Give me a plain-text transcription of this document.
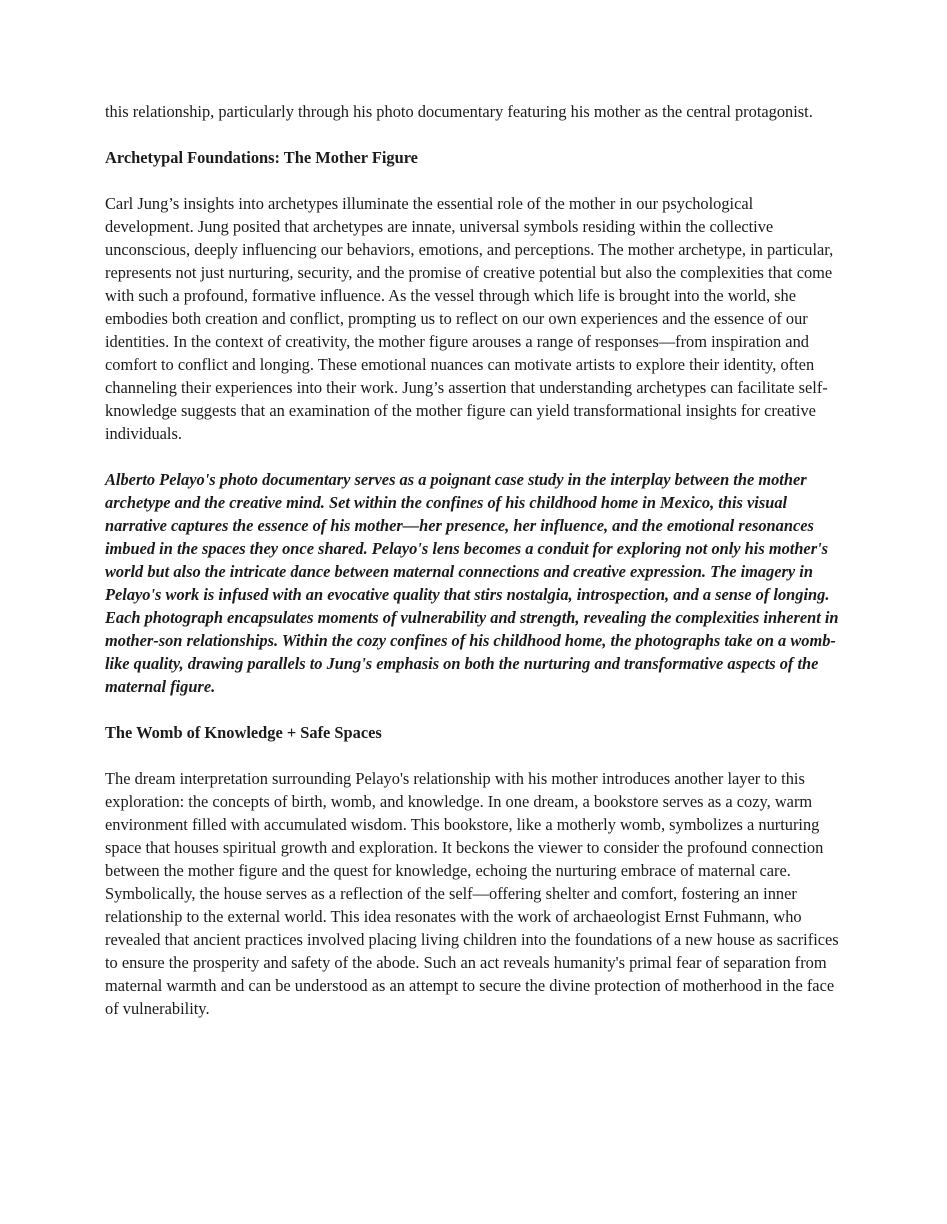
this relationship, particularly through his photo documentary featuring his mother as the central protagonist.

Archetypal Foundations: The Mother Figure

Carl Jung’s insights into archetypes illuminate the essential role of the mother in our psychological development. Jung posited that archetypes are innate, universal symbols residing within the collective unconscious, deeply influencing our behaviors, emotions, and perceptions. The mother archetype, in particular, represents not just nurturing, security, and the promise of creative potential but also the complexities that come with such a profound, formative influence. As the vessel through which life is brought into the world, she embodies both creation and conflict, prompting us to reflect on our own experiences and the essence of our identities. In the context of creativity, the mother figure arouses a range of responses—from inspiration and comfort to conflict and longing. These emotional nuances can motivate artists to explore their identity, often channeling their experiences into their work. Jung’s assertion that understanding archetypes can facilitate self-knowledge suggests that an examination of the mother figure can yield transformational insights for creative individuals.

Alberto Pelayo's photo documentary serves as a poignant case study in the interplay between the mother archetype and the creative mind. Set within the confines of his childhood home in Mexico, this visual narrative captures the essence of his mother—her presence, her influence, and the emotional resonances imbued in the spaces they once shared. Pelayo's lens becomes a conduit for exploring not only his mother's world but also the intricate dance between maternal connections and creative expression. The imagery in Pelayo's work is infused with an evocative quality that stirs nostalgia, introspection, and a sense of longing. Each photograph encapsulates moments of vulnerability and strength, revealing the complexities inherent in mother-son relationships. Within the cozy confines of his childhood home, the photographs take on a womb-like quality, drawing parallels to Jung's emphasis on both the nurturing and transformative aspects of the maternal figure.

The Womb of Knowledge + Safe Spaces

The dream interpretation surrounding Pelayo's relationship with his mother introduces another layer to this exploration: the concepts of birth, womb, and knowledge. In one dream, a bookstore serves as a cozy, warm environment filled with accumulated wisdom. This bookstore, like a motherly womb, symbolizes a nurturing space that houses spiritual growth and exploration. It beckons the viewer to consider the profound connection between the mother figure and the quest for knowledge, echoing the nurturing embrace of maternal care.

Symbolically, the house serves as a reflection of the self—offering shelter and comfort, fostering an inner relationship to the external world. This idea resonates with the work of archaeologist Ernst Fuhmann, who revealed that ancient practices involved placing living children into the foundations of a new house as sacrifices to ensure the prosperity and safety of the abode. Such an act reveals humanity's primal fear of separation from maternal warmth and can be understood as an attempt to secure the divine protection of motherhood in the face of vulnerability.
